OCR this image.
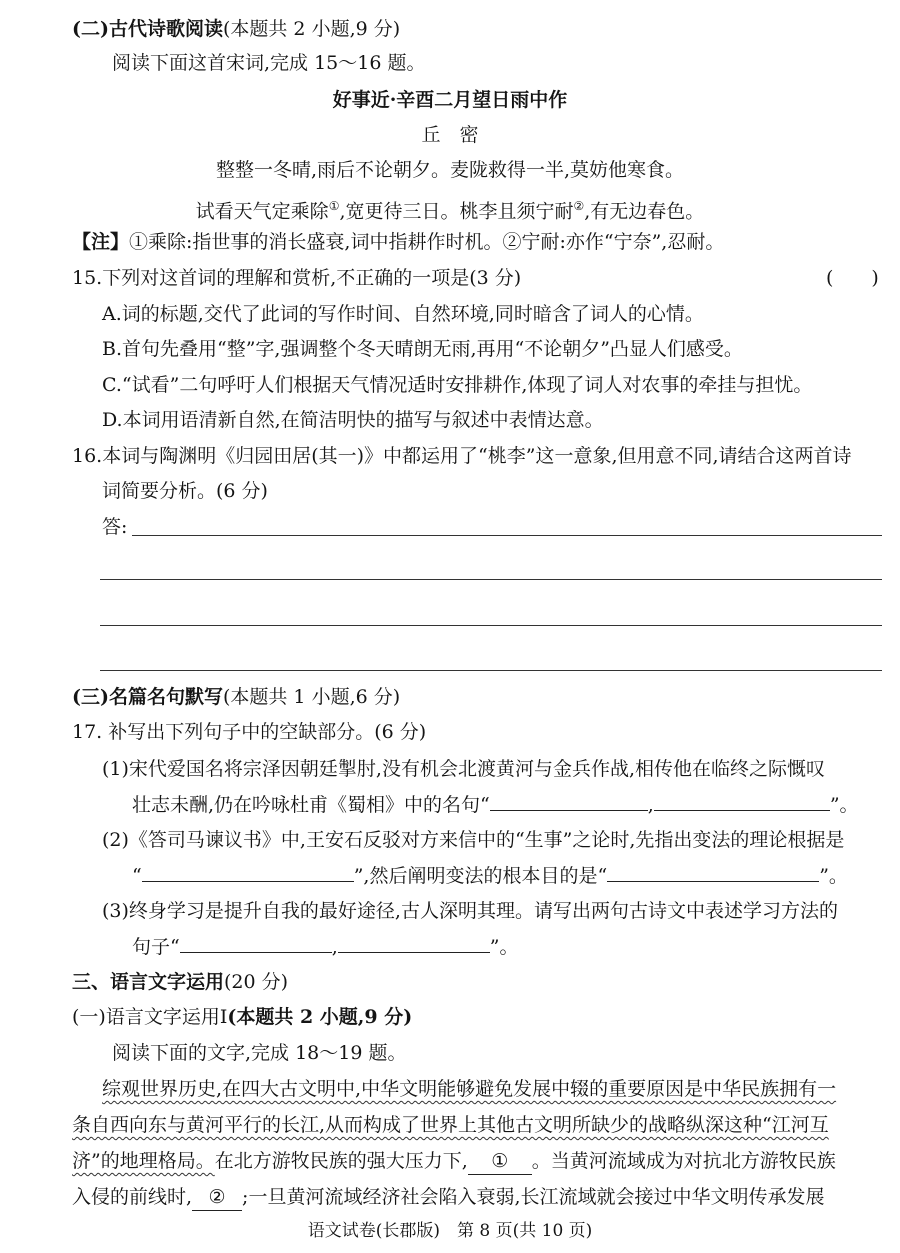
(二)古代诗歌阅读(本题共 2 小题,9 分)
阅读下面这首宋词,完成 15～16 题。
好事近·辛酉二月望日雨中作
丘　密
整整一冬晴,雨后不论朝夕。麦陇救得一半,莫妨他寒食。
试看天气定乘除①,宽更待三日。桃李且须宁耐②,有无边春色。
【注】①乘除:指世事的消长盛衰,词中指耕作时机。②宁耐:亦作“宁奈”,忍耐。
15.下列对这首词的理解和赏析,不正确的一项是(3 分)	(　　)
A.词的标题,交代了此词的写作时间、自然环境,同时暗含了词人的心情。
B.首句先叠用“整”字,强调整个冬天晴朗无雨,再用“不论朝夕”凸显人们感受。
C.“试看”二句呼吁人们根据天气情况适时安排耕作,体现了词人对农事的牵挂与担忧。
D.本词用语清新自然,在简洁明快的描写与叙述中表情达意。
16.本词与陶渊明《归园田居(其一)》中都运用了“桃李”这一意象,但用意不同,请结合这两首诗
词简要分析。(6 分)
答:
(三)名篇名句默写(本题共 1 小题,6 分)
17. 补写出下列句子中的空缺部分。(6 分)
(1)宋代爱国名将宗泽因朝廷掣肘,没有机会北渡黄河与金兵作战,相传他在临终之际慨叹
壮志未酬,仍在吟咏杜甫《蜀相》中的名句“	,	”。
(2)《答司马谏议书》中,王安石反驳对方来信中的“生事”之论时,先指出变法的理论根据是
“	”,然后阐明变法的根本目的是“	”。
(3)终身学习是提升自我的最好途径,古人深明其理。请写出两句古诗文中表述学习方法的
句子“	,	”。
三、语言文字运用(20 分)
(一)语言文字运用Ⅰ(本题共 2 小题,9 分)
阅读下面的文字,完成 18～19 题。
综观世界历史,在四大古文明中,中华文明能够避免发展中辍的重要原因是中华民族拥有一
条自西向东与黄河平行的长江,从而构成了世界上其他古文明所缺少的战略纵深这种“江河互
济”的地理格局。在北方游牧民族的强大压力下, ① 。当黄河流域成为对抗北方游牧民族
入侵的前线时, ② ;一旦黄河流域经济社会陷入衰弱,长江流域就会接过中华文明传承发展
语文试卷(长郡版)　第 8 页(共 10 页)
